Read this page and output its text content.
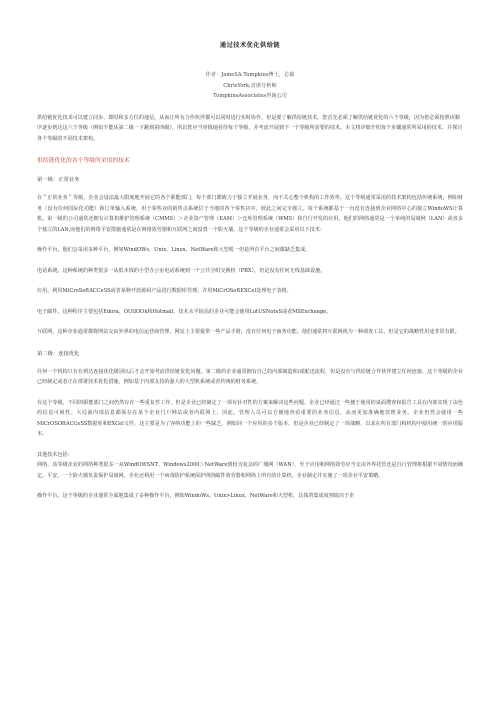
通过技术优化供给链
作者：JameSA.Tompkins博士，总裁
ChrisYork,首席分析师
TompkinsAssociates咨询公司
供给链优化技术可以建立同步、即时和多方位的通信，从而让所有合作伙伴都可以同时进行实时协作。但是要了解供给链技术，您首先必须了解供给链优化的六个等级，因为您必须按照该顺序逐步到达这六个等级（例如不能从第二级一下跳到第四级），所以您应当审慎地看待每个等级，并考虑开展到下一个等级所需要的技术。本文将详细介绍每个步骤通常所采用的技术，并探讨各个等级的不同技术架构。
供给链优化的各个等级所采用的技术
第一级：正常业务

在＂正常业务＂等级，企业会设法最大限度地开展它的各个职能部门，每个部门都致力于独立开展业务，而不关心整个机构的工作效率。这个等级通常采用的技术架构包括传统系统，例如财务（没有任何国际化功能）和订单输入系统，用于零售业的销售点系统位于当地的各个零售店中，彼此之间完全独立。每个系统都基于一台没有连接到企业网络中心的独立WindoWS计算机。第一级的公司通常还拥有计算机维护管理系统（CMMS）＞企业资产管理（EAM）＞仓库管理系统（WMS）和自行开发的应用。他们的网络通常是一个单纯的局域网（LAN）或者多个独立的LAN,而他们的网络平安措施通常是在网络效劳器和互联网之间设置一个防火墙。这个等级的企业通常会采用以下技术：

操作平台。他们会采用多种平台，例如WindOWs、Unix、Linux、NetWare和大型机一但是所有平台之间都缺乏集成。

电话系统。这种系统的种类很多一从低本钱的小型办公室电话系统到一个公共分组交换机（PBX），但是没有任何无线基础设施。

应用。利用MiCroSoftACCeSS或者某种开放源码产品进行数据库管理，并用MiCrOSoftEXCel处理电子表格。

电子邮件。这种程序主要包括Edora、OUtlOOk和Hotmail。技术水平较高的企业可能会使用LotUSNoteS或者MSExchange。

互联网。这种企业通常都将网站交由外界的电信运营商管理，网站上主要提供一些产品手册，没有任何电子商务功能。他们通常将互联网视为一种调查工具，但是它的战略性用途非常有限。

第二级：连接优化

任何一个机构只有在到达连接优化级别以后才会开始考虑供给链优化问题。第二级的企业通常拥有自己的内部制造和/或配送流程，但是没有与供给链合作伙伴建立任何连接。这个等级的企业已经制定或者正在部署技术优化措施，例如基于内部支持的强大的大型机系统或者传统的财务系统。

在这个等级，不同的职能部门之间仍然存在一些重复性工作。但是企业已经制定了一项有针对性的方案来解决这些问题。企业已经通过一些便于使用的桌面搜查和报告工具在内部实现了由色的信息可视性。大局面内部信息都保存在某个企业门户网站或者内联网上。因此，管理人员可以方便地查看重要的业务信息，从而更加准确地管理业务。企业仍然会使用一些MiCrOSOftACCeSS数据库和EXCel文件，这主要是为了容纳功能上的一些缺乏，例如同一个应用的多个版本。但是企业已经制定了一项战略，以求在所有部门和机构中使用统一的应用版本。

其他技术包括：

网络。该等级企业的网络种类很多一从WindOWSNT、Windows2000＞NetWare到较为复杂的广域网（WAN），至于应用和网络效劳应当交由外界托管还是自行管理将根据不同情况而确定。平安。一个防火墙负责保护局域网。企业还利用一个病毒防护系统保护网络邮件效劳器和网络上所有的计算机。企业制定并实施了一项企业平安策略。

操作平台。这个等级的企业通常全面地集成了多种操作平台，例如WindoWs、Unix>Linux、NetWare和大型机，具体的集成度则取决于企
